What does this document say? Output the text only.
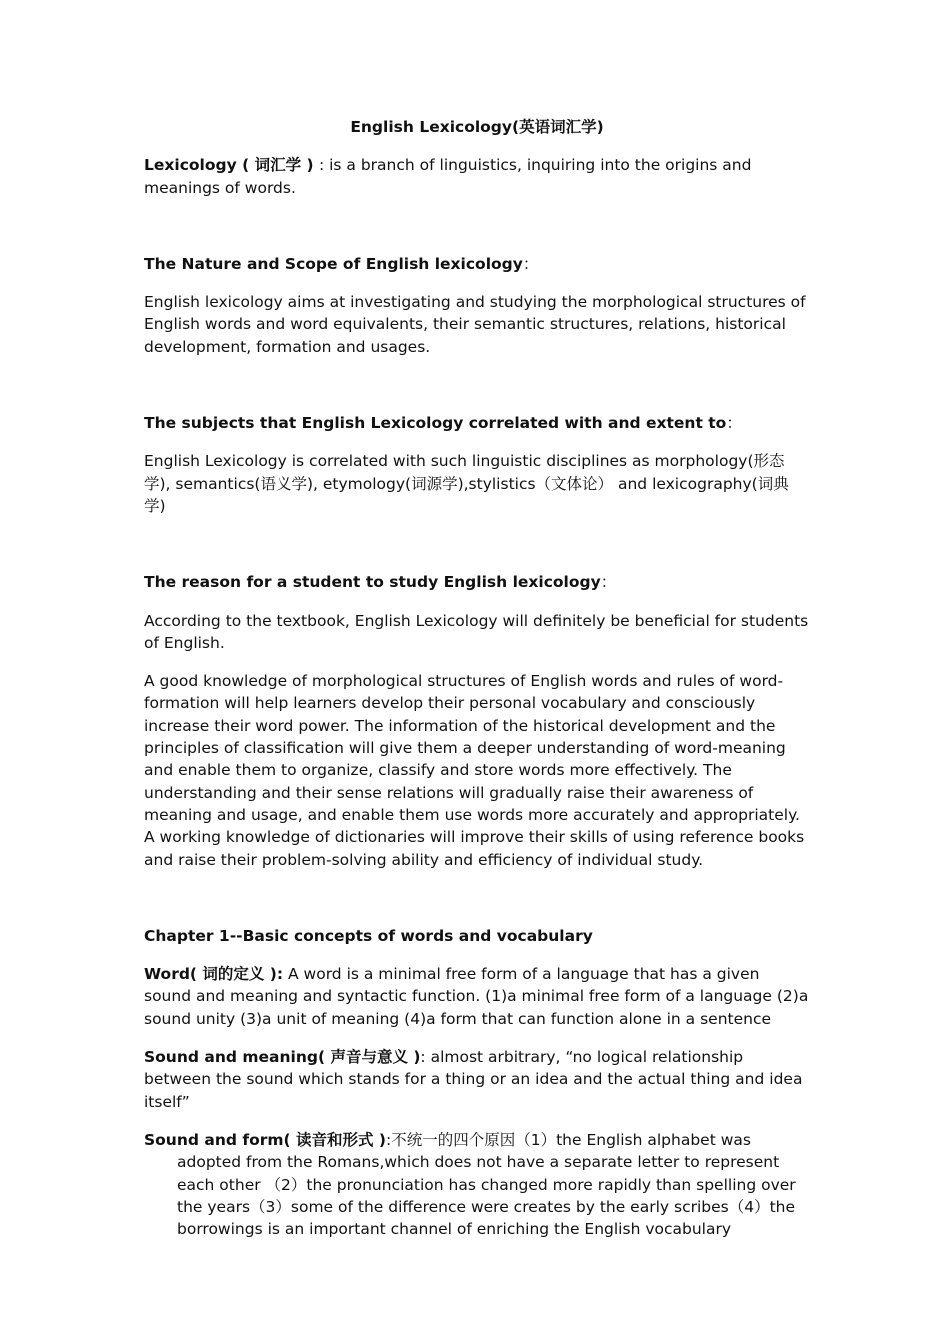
English Lexicology(英语词汇学)

Lexicology ( 词汇学 ) : is a branch of linguistics, inquiring into the origins and meanings of words.

The Nature and Scope of English lexicology：

English lexicology aims at investigating and studying the morphological structures of English words and word equivalents, their semantic structures, relations, historical development, formation and usages.

The subjects that English Lexicology correlated with and extent to：

English Lexicology is correlated with such linguistic disciplines as morphology(形态学), semantics(语义学), etymology(词源学),stylistics（文体论） and lexicography(词典学)

The reason for a student to study English lexicology：

According to the textbook, English Lexicology will definitely be beneficial for students of English.

A good knowledge of morphological structures of English words and rules of word-formation will help learners develop their personal vocabulary and consciously increase their word power. The information of the historical development and the principles of classification will give them a deeper understanding of word-meaning and enable them to organize, classify and store words more effectively. The understanding and their sense relations will gradually raise their awareness of meaning and usage, and enable them use words more accurately and appropriately. A working knowledge of dictionaries will improve their skills of using reference books and raise their problem-solving ability and efficiency of individual study.

Chapter 1--Basic concepts of words and vocabulary

Word( 词的定义 ): A word is a minimal free form of a language that has a given sound and meaning and syntactic function. (1)a minimal free form of a language (2)a sound unity (3)a unit of meaning (4)a form that can function alone in a sentence

Sound and meaning( 声音与意义 ): almost arbitrary, “no logical relationship between the sound which stands for a thing or an idea and the actual thing and idea itself”

Sound and form( 读音和形式 ):不统一的四个原因（1）the English alphabet was adopted from the Romans,which does not have a separate letter to represent each other （2）the pronunciation has changed more rapidly than spelling over the years（3）some of the difference were creates by the early scribes（4）the borrowings is an important channel of enriching the English vocabulary
